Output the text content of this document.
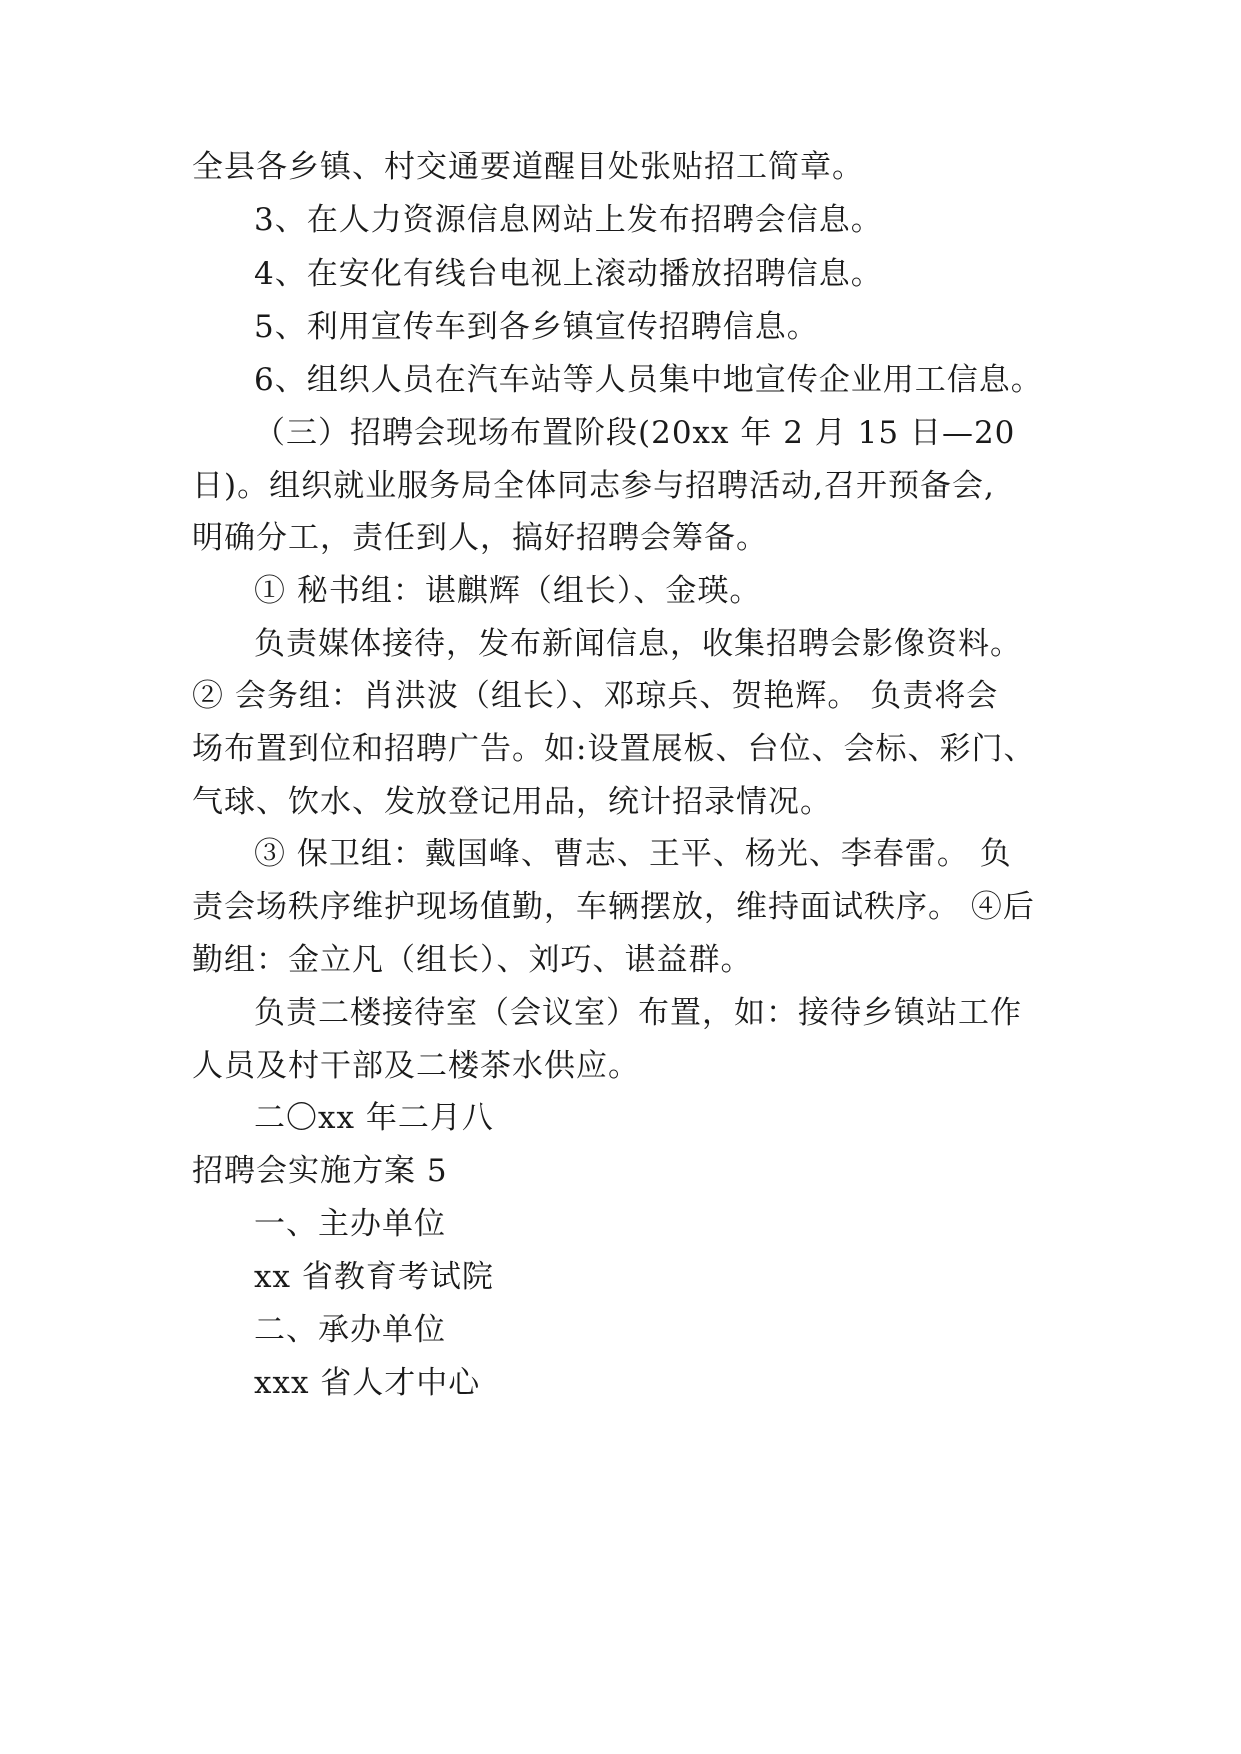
全县各乡镇、村交通要道醒目处张贴招工简章。
3、在人力资源信息网站上发布招聘会信息。
4、在安化有线台电视上滚动播放招聘信息。
5、利用宣传车到各乡镇宣传招聘信息。
6、组织人员在汽车站等人员集中地宣传企业用工信息。
（三）招聘会现场布置阶段(20xx 年 2 月 15 日—20
日)。组织就业服务局全体同志参与招聘活动,召开预备会,
明确分工，责任到人，搞好招聘会筹备。
① 秘书组：谌麒辉（组长）、金瑛。
负责媒体接待，发布新闻信息，收集招聘会影像资料。
② 会务组：肖洪波（组长）、邓琼兵、贺艳辉。 负责将会
场布置到位和招聘广告。如:设置展板、台位、会标、彩门、
气球、饮水、发放登记用品，统计招录情况。
③ 保卫组：戴国峰、曹志、王平、杨光、李春雷。 负
责会场秩序维护现场值勤，车辆摆放，维持面试秩序。 ④后
勤组：金立凡（组长）、刘巧、谌益群。
负责二楼接待室（会议室）布置，如：接待乡镇站工作
人员及村干部及二楼茶水供应。
二〇xx 年二月八
招聘会实施方案 5
一、主办单位
xx 省教育考试院
二、承办单位
xxx 省人才中心
